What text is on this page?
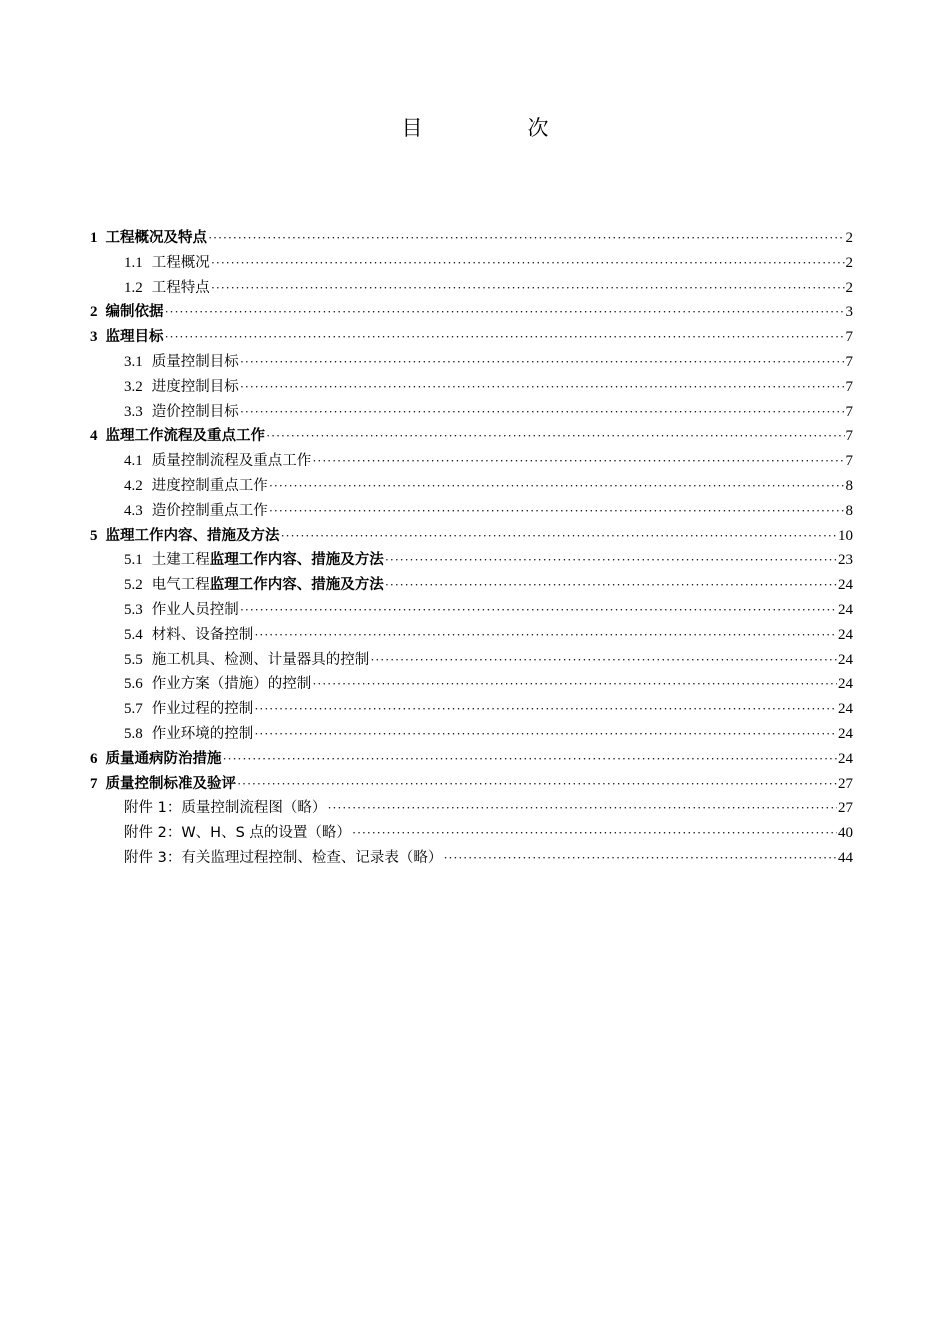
目　次
1 工程概况及特点 ·····	2
1.1 工程概况 ·····	2
1.2 工程特点 ·····	2
2 编制依据 ·····	3
3 监理目标 ·····	7
3.1 质量控制目标 ·····	7
3.2 进度控制目标 ·····	7
3.3 造价控制目标 ·····	7
4 监理工作流程及重点工作 ·····	7
4.1 质量控制流程及重点工作 ·····	7
4.2 进度控制重点工作 ·····	8
4.3 造价控制重点工作 ·····	8
5 监理工作内容、措施及方法 ·····	10
5.1 土建工程监理工作内容、措施及方法 ·····	23
5.2 电气工程监理工作内容、措施及方法 ·····	24
5.3 作业人员控制 ·····	24
5.4 材料、设备控制 ·····	24
5.5 施工机具、检测、计量器具的控制 ·····	24
5.6 作业方案（措施）的控制 ·····	24
5.7 作业过程的控制 ·····	24
5.8 作业环境的控制 ·····	24
6 质量通病防治措施 ·····	24
7 质量控制标准及验评 ·····	27
附件 1：质量控制流程图（略） ·····	27
附件 2：W、H、S 点的设置（略） ·····	40
附件 3：有关监理过程控制、检查、记录表（略） ·····	44
